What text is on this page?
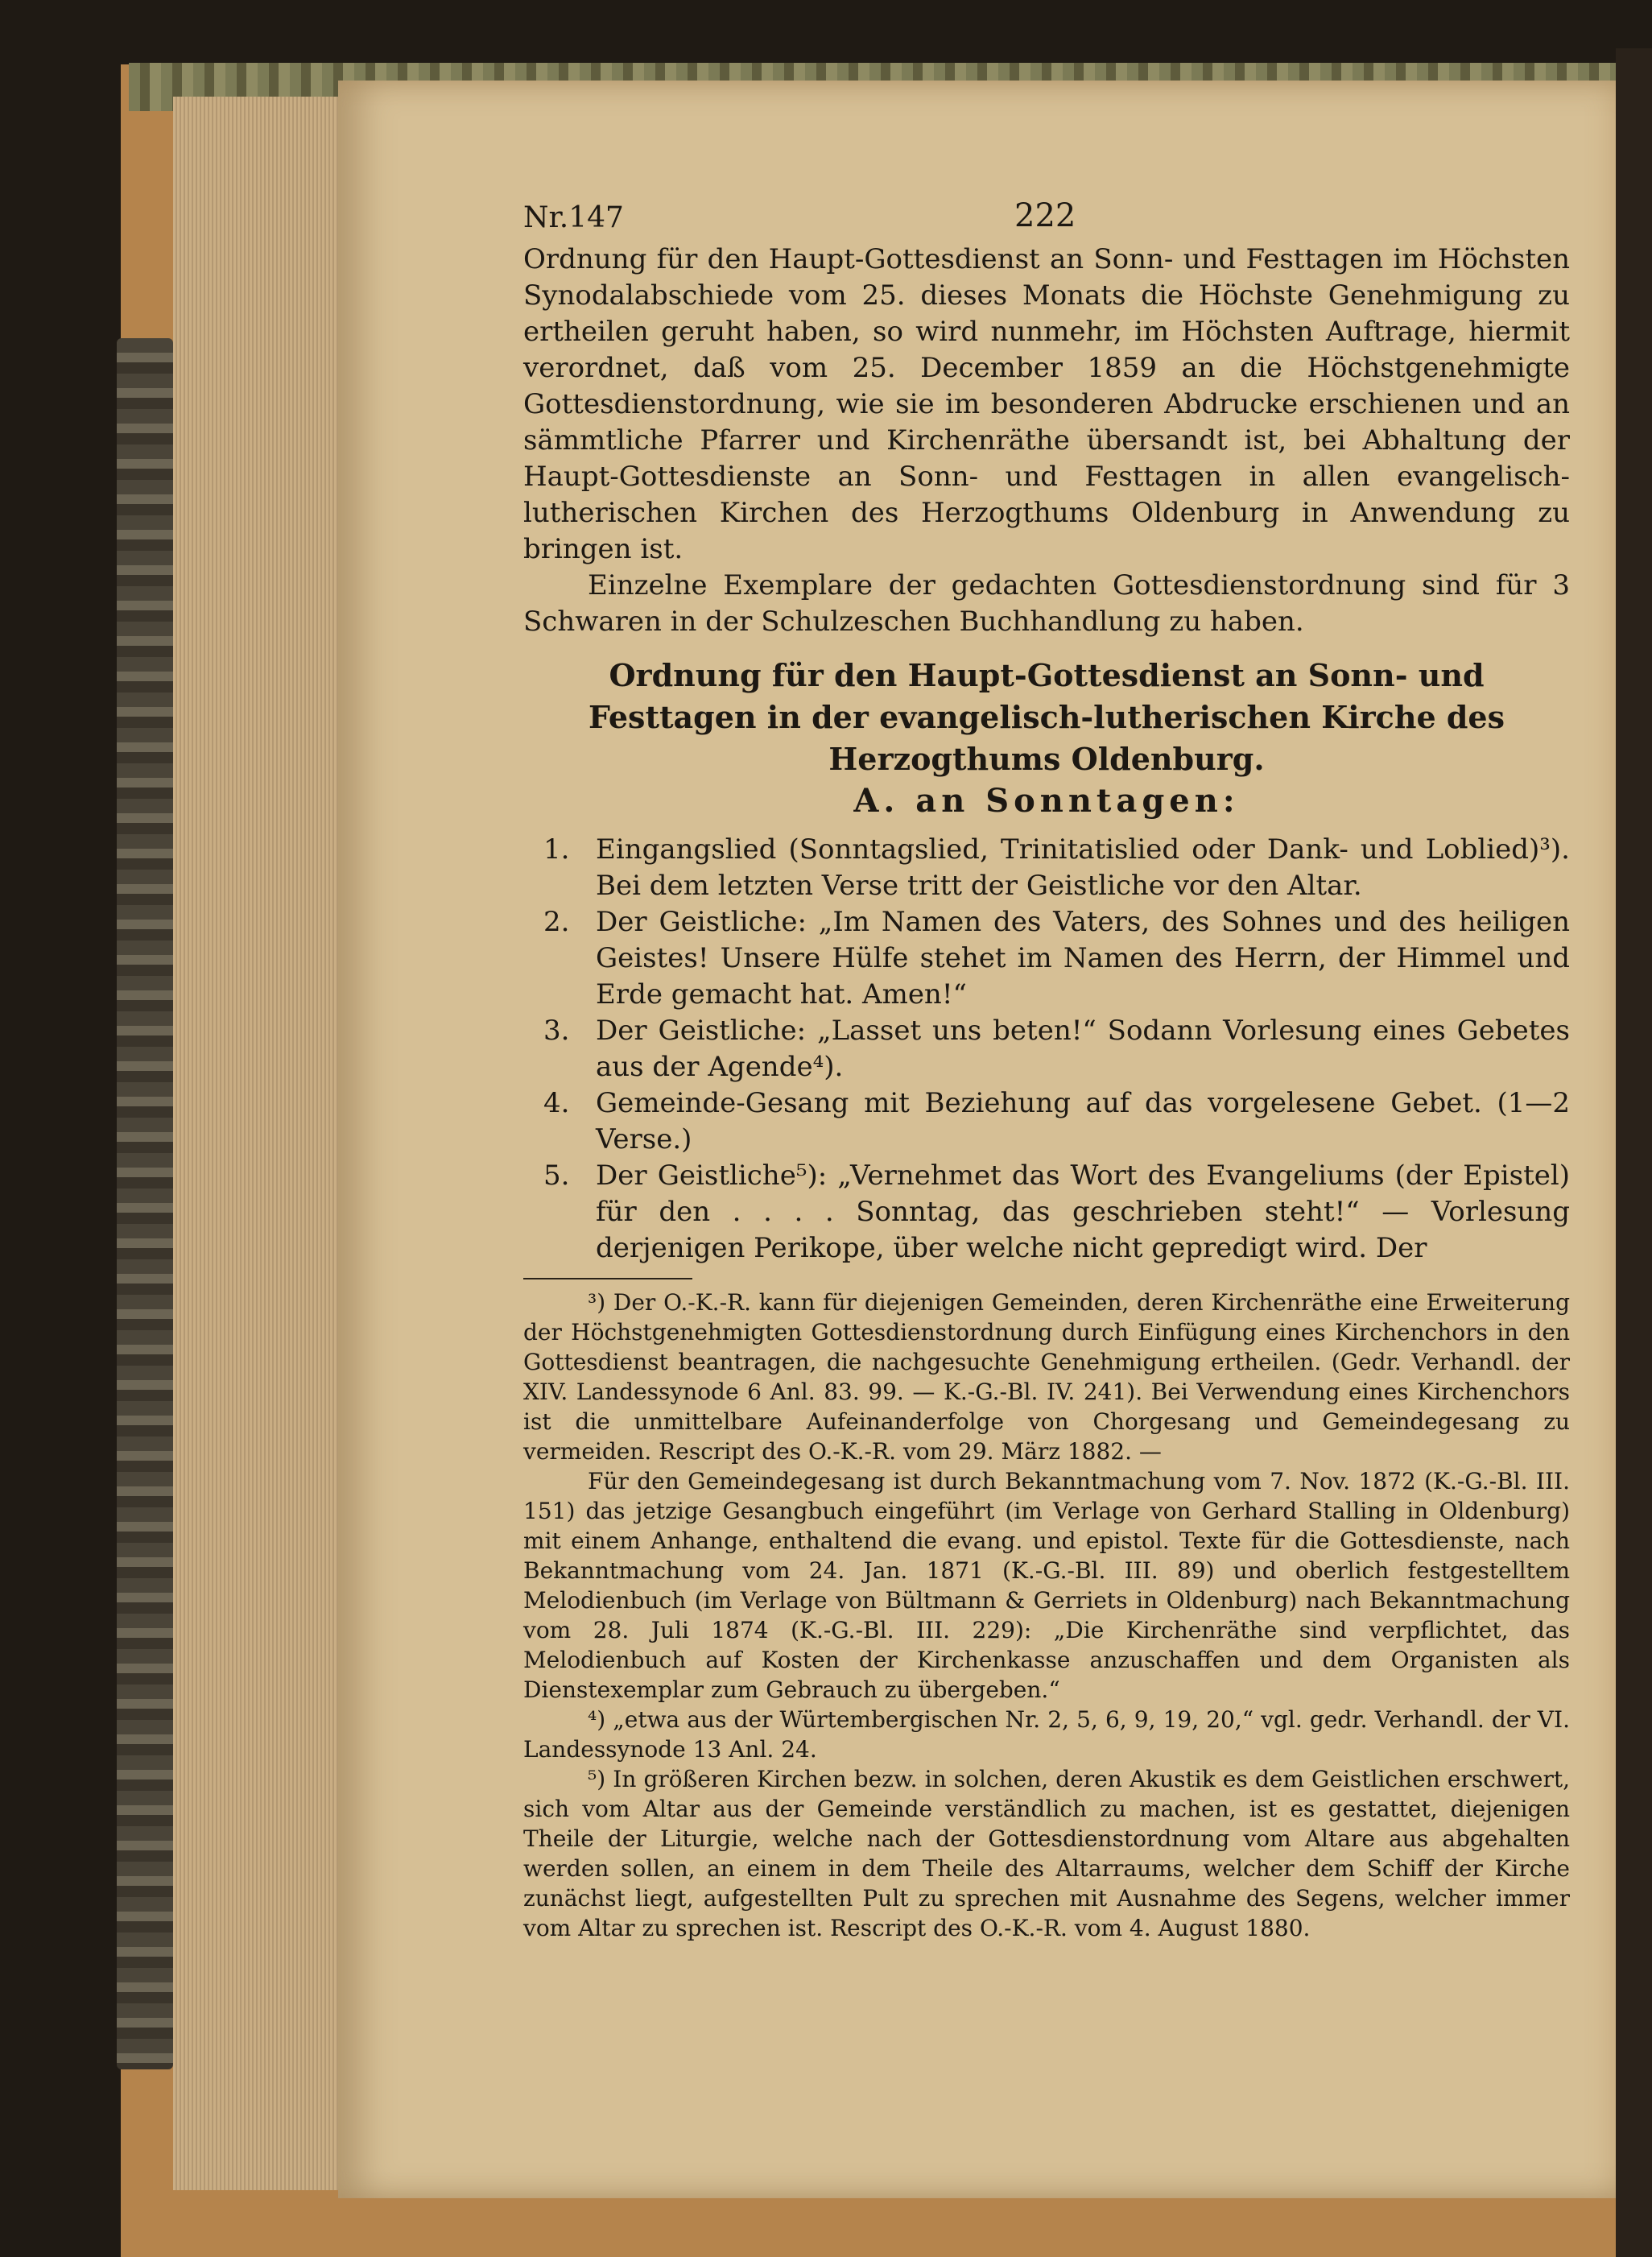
Nr.147	222

Ordnung für den Haupt-Gottesdienst an Sonn- und Festtagen im Höchsten Synodalabschiede vom 25. dieses Monats die Höchste Genehmigung zu ertheilen geruht haben, so wird nunmehr, im Höchsten Auftrage, hiermit verordnet, daß vom 25. December 1859 an die Höchstgenehmigte Gottesdienstordnung, wie sie im besonderen Abdrucke erschienen und an sämmtliche Pfarrer und Kirchenräthe übersandt ist, bei Abhaltung der Haupt-Gottesdienste an Sonn- und Festtagen in allen evangelisch-lutherischen Kirchen des Herzogthums Oldenburg in Anwendung zu bringen ist.

Einzelne Exemplare der gedachten Gottesdienstordnung sind für 3 Schwaren in der Schulzeschen Buchhandlung zu haben.

Ordnung für den Haupt-Gottesdienst an Sonn- und Festtagen in der evangelisch-lutherischen Kirche des Herzogthums Oldenburg.

A. an Sonntagen:

1. Eingangslied (Sonntagslied, Trinitatislied oder Dank- und Loblied)³). Bei dem letzten Verse tritt der Geistliche vor den Altar.
2. Der Geistliche: „Im Namen des Vaters, des Sohnes und des heiligen Geistes! Unsere Hülfe stehet im Namen des Herrn, der Himmel und Erde gemacht hat. Amen!“
3. Der Geistliche: „Lasset uns beten!“ Sodann Vorlesung eines Gebetes aus der Agende⁴).
4. Gemeinde-Gesang mit Beziehung auf das vorgelesene Gebet. (1—2 Verse.)
5. Der Geistliche⁵): „Vernehmet das Wort des Evangeliums (der Epistel) für den . . . . Sonntag, das geschrieben steht!“ — Vorlesung derjenigen Perikope, über welche nicht gepredigt wird. Der

³) Der O.-K.-R. kann für diejenigen Gemeinden, deren Kirchenräthe eine Erweiterung der Höchstgenehmigten Gottesdienstordnung durch Einfügung eines Kirchenchors in den Gottesdienst beantragen, die nachgesuchte Genehmigung ertheilen. (Gedr. Verhandl. der XIV. Landessynode 6 Anl. 83. 99. — K.-G.-Bl. IV. 241). Bei Verwendung eines Kirchenchors ist die unmittelbare Aufeinanderfolge von Chorgesang und Gemeindegesang zu vermeiden. Rescript des O.-K.-R. vom 29. März 1882. —

Für den Gemeindegesang ist durch Bekanntmachung vom 7. Nov. 1872 (K.-G.-Bl. III. 151) das jetzige Gesangbuch eingeführt (im Verlage von Gerhard Stalling in Oldenburg) mit einem Anhange, enthaltend die evang. und epistol. Texte für die Gottesdienste, nach Bekanntmachung vom 24. Jan. 1871 (K.-G.-Bl. III. 89) und oberlich festgestelltem Melodienbuch (im Verlage von Bültmann & Gerriets in Oldenburg) nach Bekanntmachung vom 28. Juli 1874 (K.-G.-Bl. III. 229): „Die Kirchenräthe sind verpflichtet, das Melodienbuch auf Kosten der Kirchenkasse anzuschaffen und dem Organisten als Dienstexemplar zum Gebrauch zu übergeben.“

⁴) „etwa aus der Würtembergischen Nr. 2, 5, 6, 9, 19, 20,“ vgl. gedr. Verhandl. der VI. Landessynode 13 Anl. 24.

⁵) In größeren Kirchen bezw. in solchen, deren Akustik es dem Geistlichen erschwert, sich vom Altar aus der Gemeinde verständlich zu machen, ist es gestattet, diejenigen Theile der Liturgie, welche nach der Gottesdienstordnung vom Altare aus abgehalten werden sollen, an einem in dem Theile des Altarraums, welcher dem Schiff der Kirche zunächst liegt, aufgestellten Pult zu sprechen mit Ausnahme des Segens, welcher immer vom Altar zu sprechen ist. Rescript des O.-K.-R. vom 4. August 1880.
